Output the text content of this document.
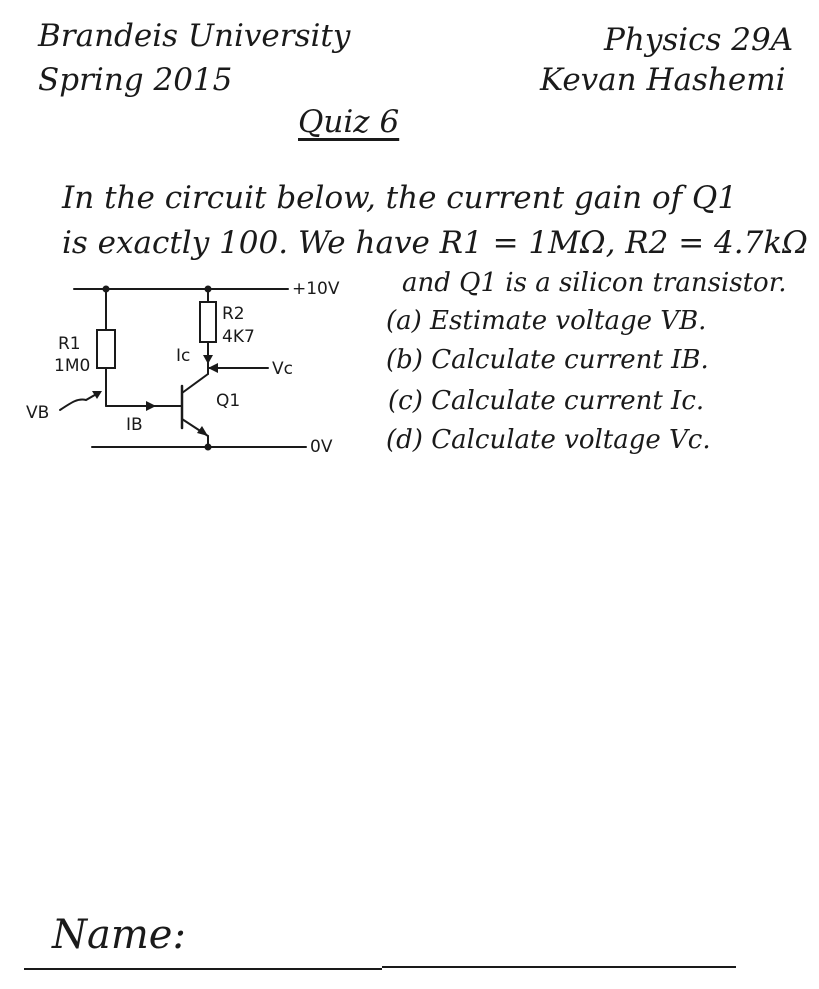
Brandeis University
Spring 2015
Physics 29A
Kevan Hashemi
Quiz 6
In the circuit below, the current gain of Q1
is exactly 100. We have R1 = 1MΩ, R2 = 4.7kΩ
and Q1 is a silicon transistor.
(a) Estimate voltage VB.
(b) Calculate current IB.
(c) Calculate current Ic.
(d) Calculate voltage Vc.
+10V
0V
R1
1M0
R2
4K7
Ic
Vc
Q1
VB
IB
Name:
